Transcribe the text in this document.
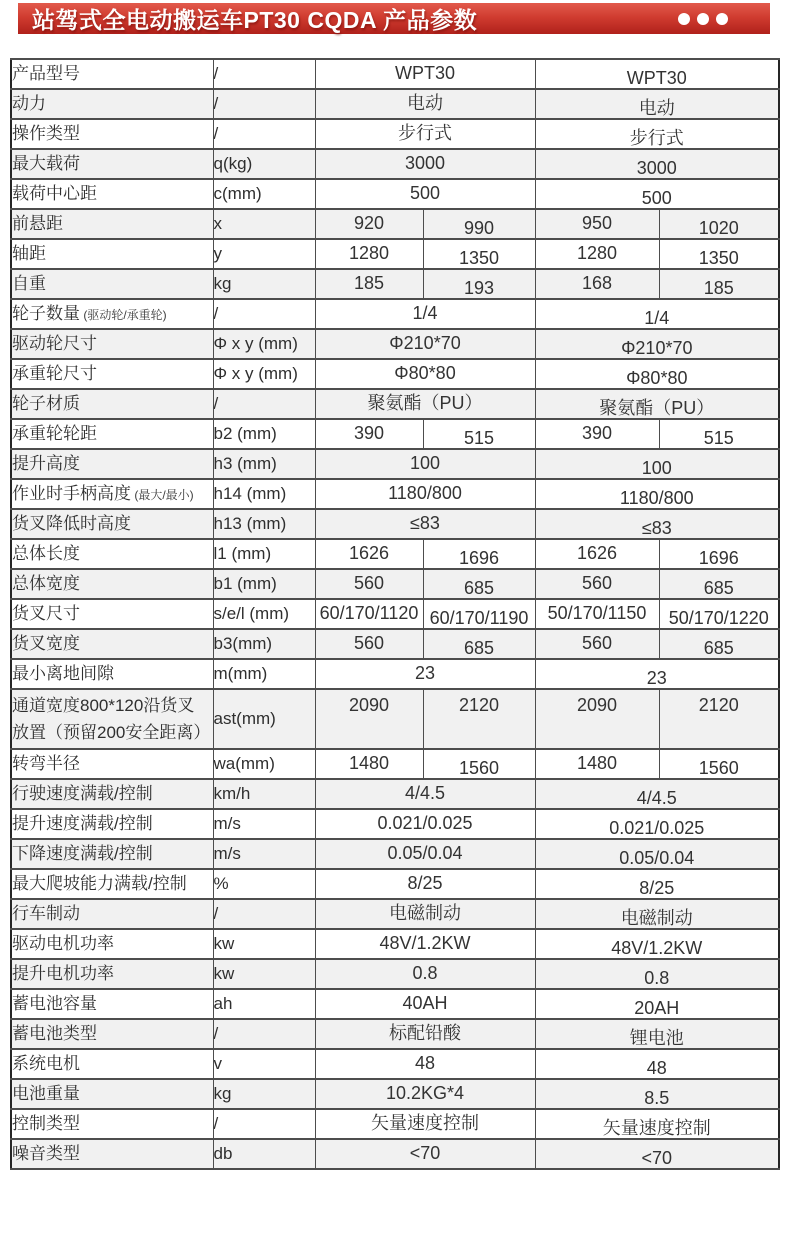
站驾式全电动搬运车PT30 CQDA 产品参数
产品型号	/	WPT30		WPT30	
动力	/	电动		电动	
操作类型	/	步行式		步行式	
最大载荷	q(kg)	3000		3000	
载荷中心距	c(mm)	500		500	
前悬距	x	920	990	950	1020
轴距	y	1280	1350	1280	1350
自重	kg	185	193	168	185
轮子数量 (驱动轮/承重轮)	/	1/4		1/4	
驱动轮尺寸	Φ x y (mm)	Φ210*70		Φ210*70	
承重轮尺寸	Φ x y (mm)	Φ80*80		Φ80*80	
轮子材质	/	聚氨酯（PU）		聚氨酯（PU）	
承重轮轮距	b2 (mm)	390	515	390	515
提升高度	h3 (mm)	100		100	
作业时手柄高度 (最大/最小)	h14 (mm)	1180/800		1180/800	
货叉降低时高度	h13 (mm)	≤83		≤83	
总体长度	l1 (mm)	1626	1696	1626	1696
总体宽度	b1 (mm)	560	685	560	685
货叉尺寸	s/e/l (mm)	60/170/1120	60/170/1190	50/170/1150	50/170/1220
货叉宽度	b3(mm)	560	685	560	685
最小离地间隙	m(mm)	23		23	
通道宽度800*120沿货叉
放置（预留200安全距离）	ast(mm)	2090	2120	2090	2120
转弯半径	wa(mm)	1480	1560	1480	1560
行驶速度满载/控制	km/h	4/4.5		4/4.5	
提升速度满载/控制	m/s	0.021/0.025		0.021/0.025	
下降速度满载/控制	m/s	0.05/0.04		0.05/0.04	
最大爬坡能力满载/控制	%	8/25		8/25	
行车制动	/	电磁制动		电磁制动	
驱动电机功率	kw	48V/1.2KW		48V/1.2KW	
提升电机功率	kw	0.8		0.8	
蓄电池容量	ah	40AH		20AH	
蓄电池类型	/	标配铅酸		锂电池	
系统电机	v	48		48	
电池重量	kg	10.2KG*4		8.5	
控制类型	/	矢量速度控制		矢量速度控制	
噪音类型	db	<70		<70	
